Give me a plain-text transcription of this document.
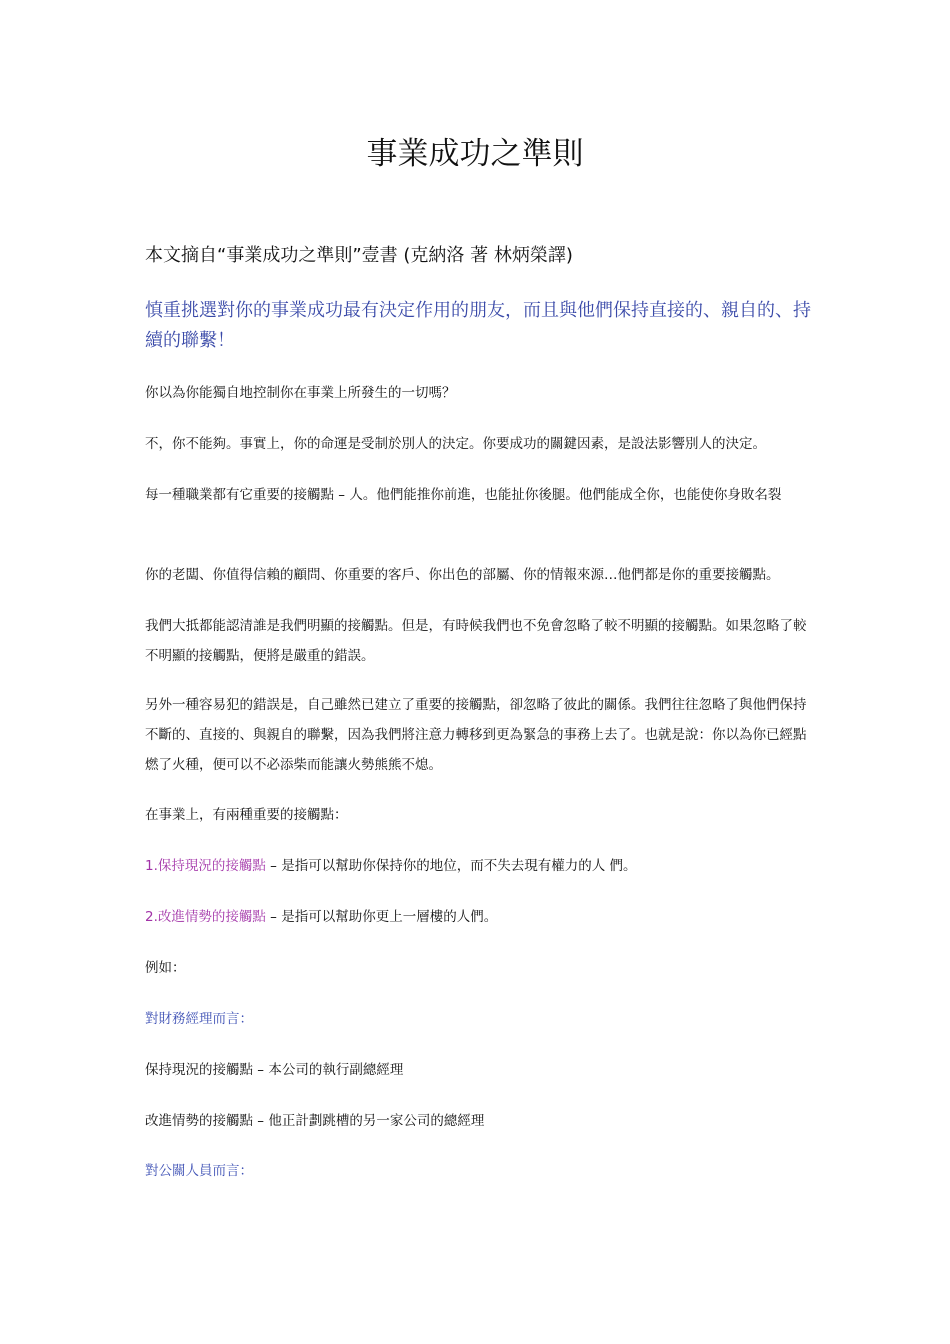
事業成功之準則
本文摘自“事業成功之準則”壹書 (克納洛 著 林炳榮譯)
慎重挑選對你的事業成功最有決定作用的朋友，而且與他們保持直接的、親自的、持續的聯繫！
你以為你能獨自地控制你在事業上所發生的一切嗎？
不，你不能夠。事實上，你的命運是受制於別人的決定。你要成功的關鍵因素，是設法影響別人的決定。
每一種職業都有它重要的接觸點 – 人。他們能推你前進，也能扯你後腿。他們能成全你，也能使你身敗名裂
你的老闆、你值得信賴的顧問、你重要的客戶、你出色的部屬、你的情報來源…他們都是你的重要接觸點。
我們大抵都能認清誰是我們明顯的接觸點。但是，有時候我們也不免會忽略了較不明顯的接觸點。如果忽略了較不明顯的接觸點，便將是嚴重的錯誤。
另外一種容易犯的錯誤是，自己雖然已建立了重要的接觸點，卻忽略了彼此的關係。我們往往忽略了與他們保持不斷的、直接的、與親自的聯繫，因為我們將注意力轉移到更為緊急的事務上去了。也就是說：你以為你已經點燃了火種，便可以不必添柴而能讓火勢熊熊不熄。
在事業上，有兩種重要的接觸點：
1.保持現況的接觸點 – 是指可以幫助你保持你的地位，而不失去現有權力的人 們。
2.改進情勢的接觸點 – 是指可以幫助你更上一層樓的人們。
例如：
對財務經理而言：
保持現況的接觸點 – 本公司的執行副總經理
改進情勢的接觸點 – 他正計劃跳槽的另一家公司的總經理
對公關人員而言：
